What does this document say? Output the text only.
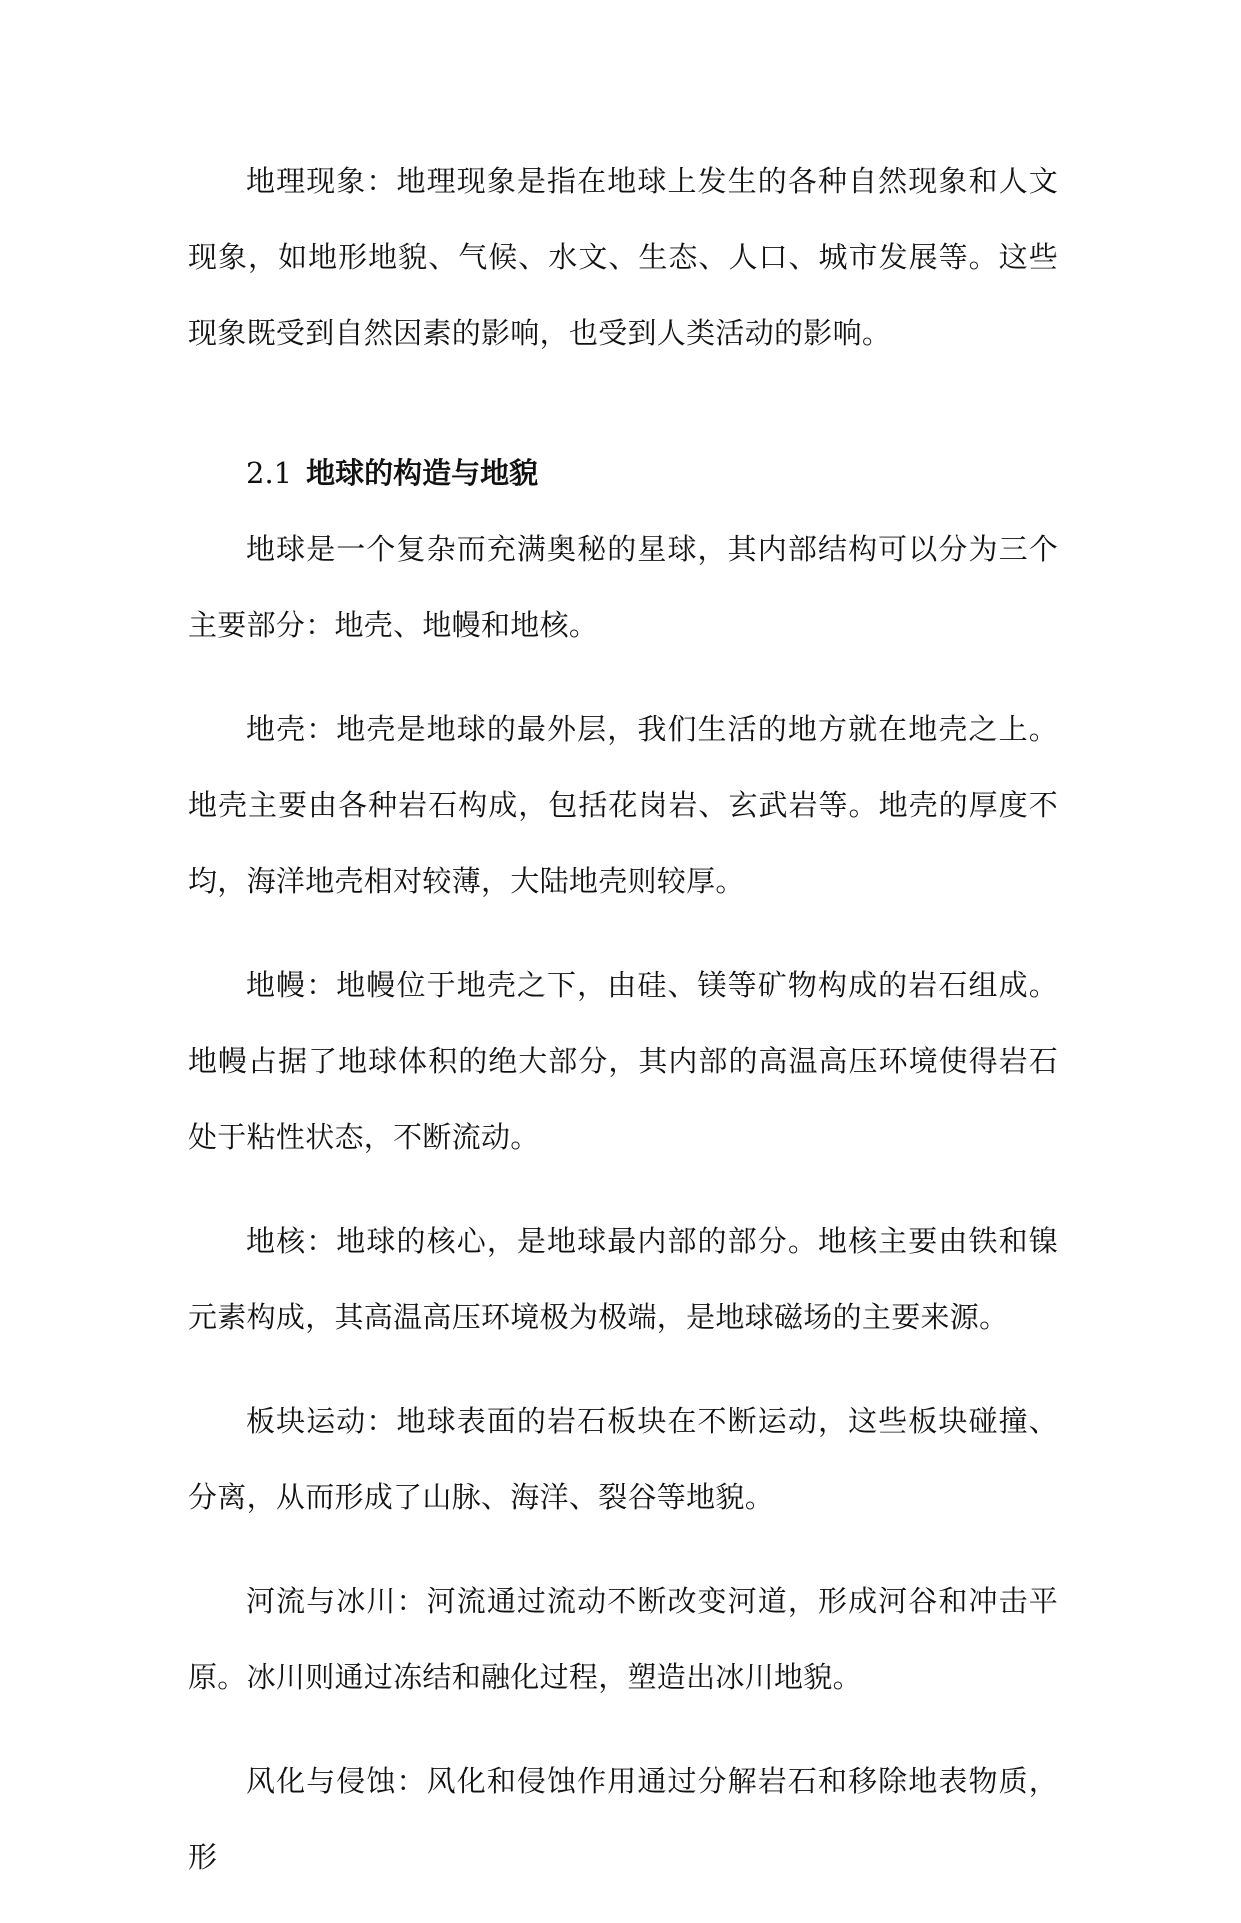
地理现象：地理现象是指在地球上发生的各种自然现象和人文现象，如地形地貌、气候、水文、生态、人口、城市发展等。这些现象既受到自然因素的影响，也受到人类活动的影响。

2.1 地球的构造与地貌

地球是一个复杂而充满奥秘的星球，其内部结构可以分为三个主要部分：地壳、地幔和地核。

地壳：地壳是地球的最外层，我们生活的地方就在地壳之上。地壳主要由各种岩石构成，包括花岗岩、玄武岩等。地壳的厚度不均，海洋地壳相对较薄，大陆地壳则较厚。

地幔：地幔位于地壳之下，由硅、镁等矿物构成的岩石组成。地幔占据了地球体积的绝大部分，其内部的高温高压环境使得岩石处于粘性状态，不断流动。

地核：地球的核心，是地球最内部的部分。地核主要由铁和镍元素构成，其高温高压环境极为极端，是地球磁场的主要来源。

板块运动：地球表面的岩石板块在不断运动，这些板块碰撞、分离，从而形成了山脉、海洋、裂谷等地貌。

河流与冰川：河流通过流动不断改变河道，形成河谷和冲击平原。冰川则通过冻结和融化过程，塑造出冰川地貌。

风化与侵蚀：风化和侵蚀作用通过分解岩石和移除地表物质，形
